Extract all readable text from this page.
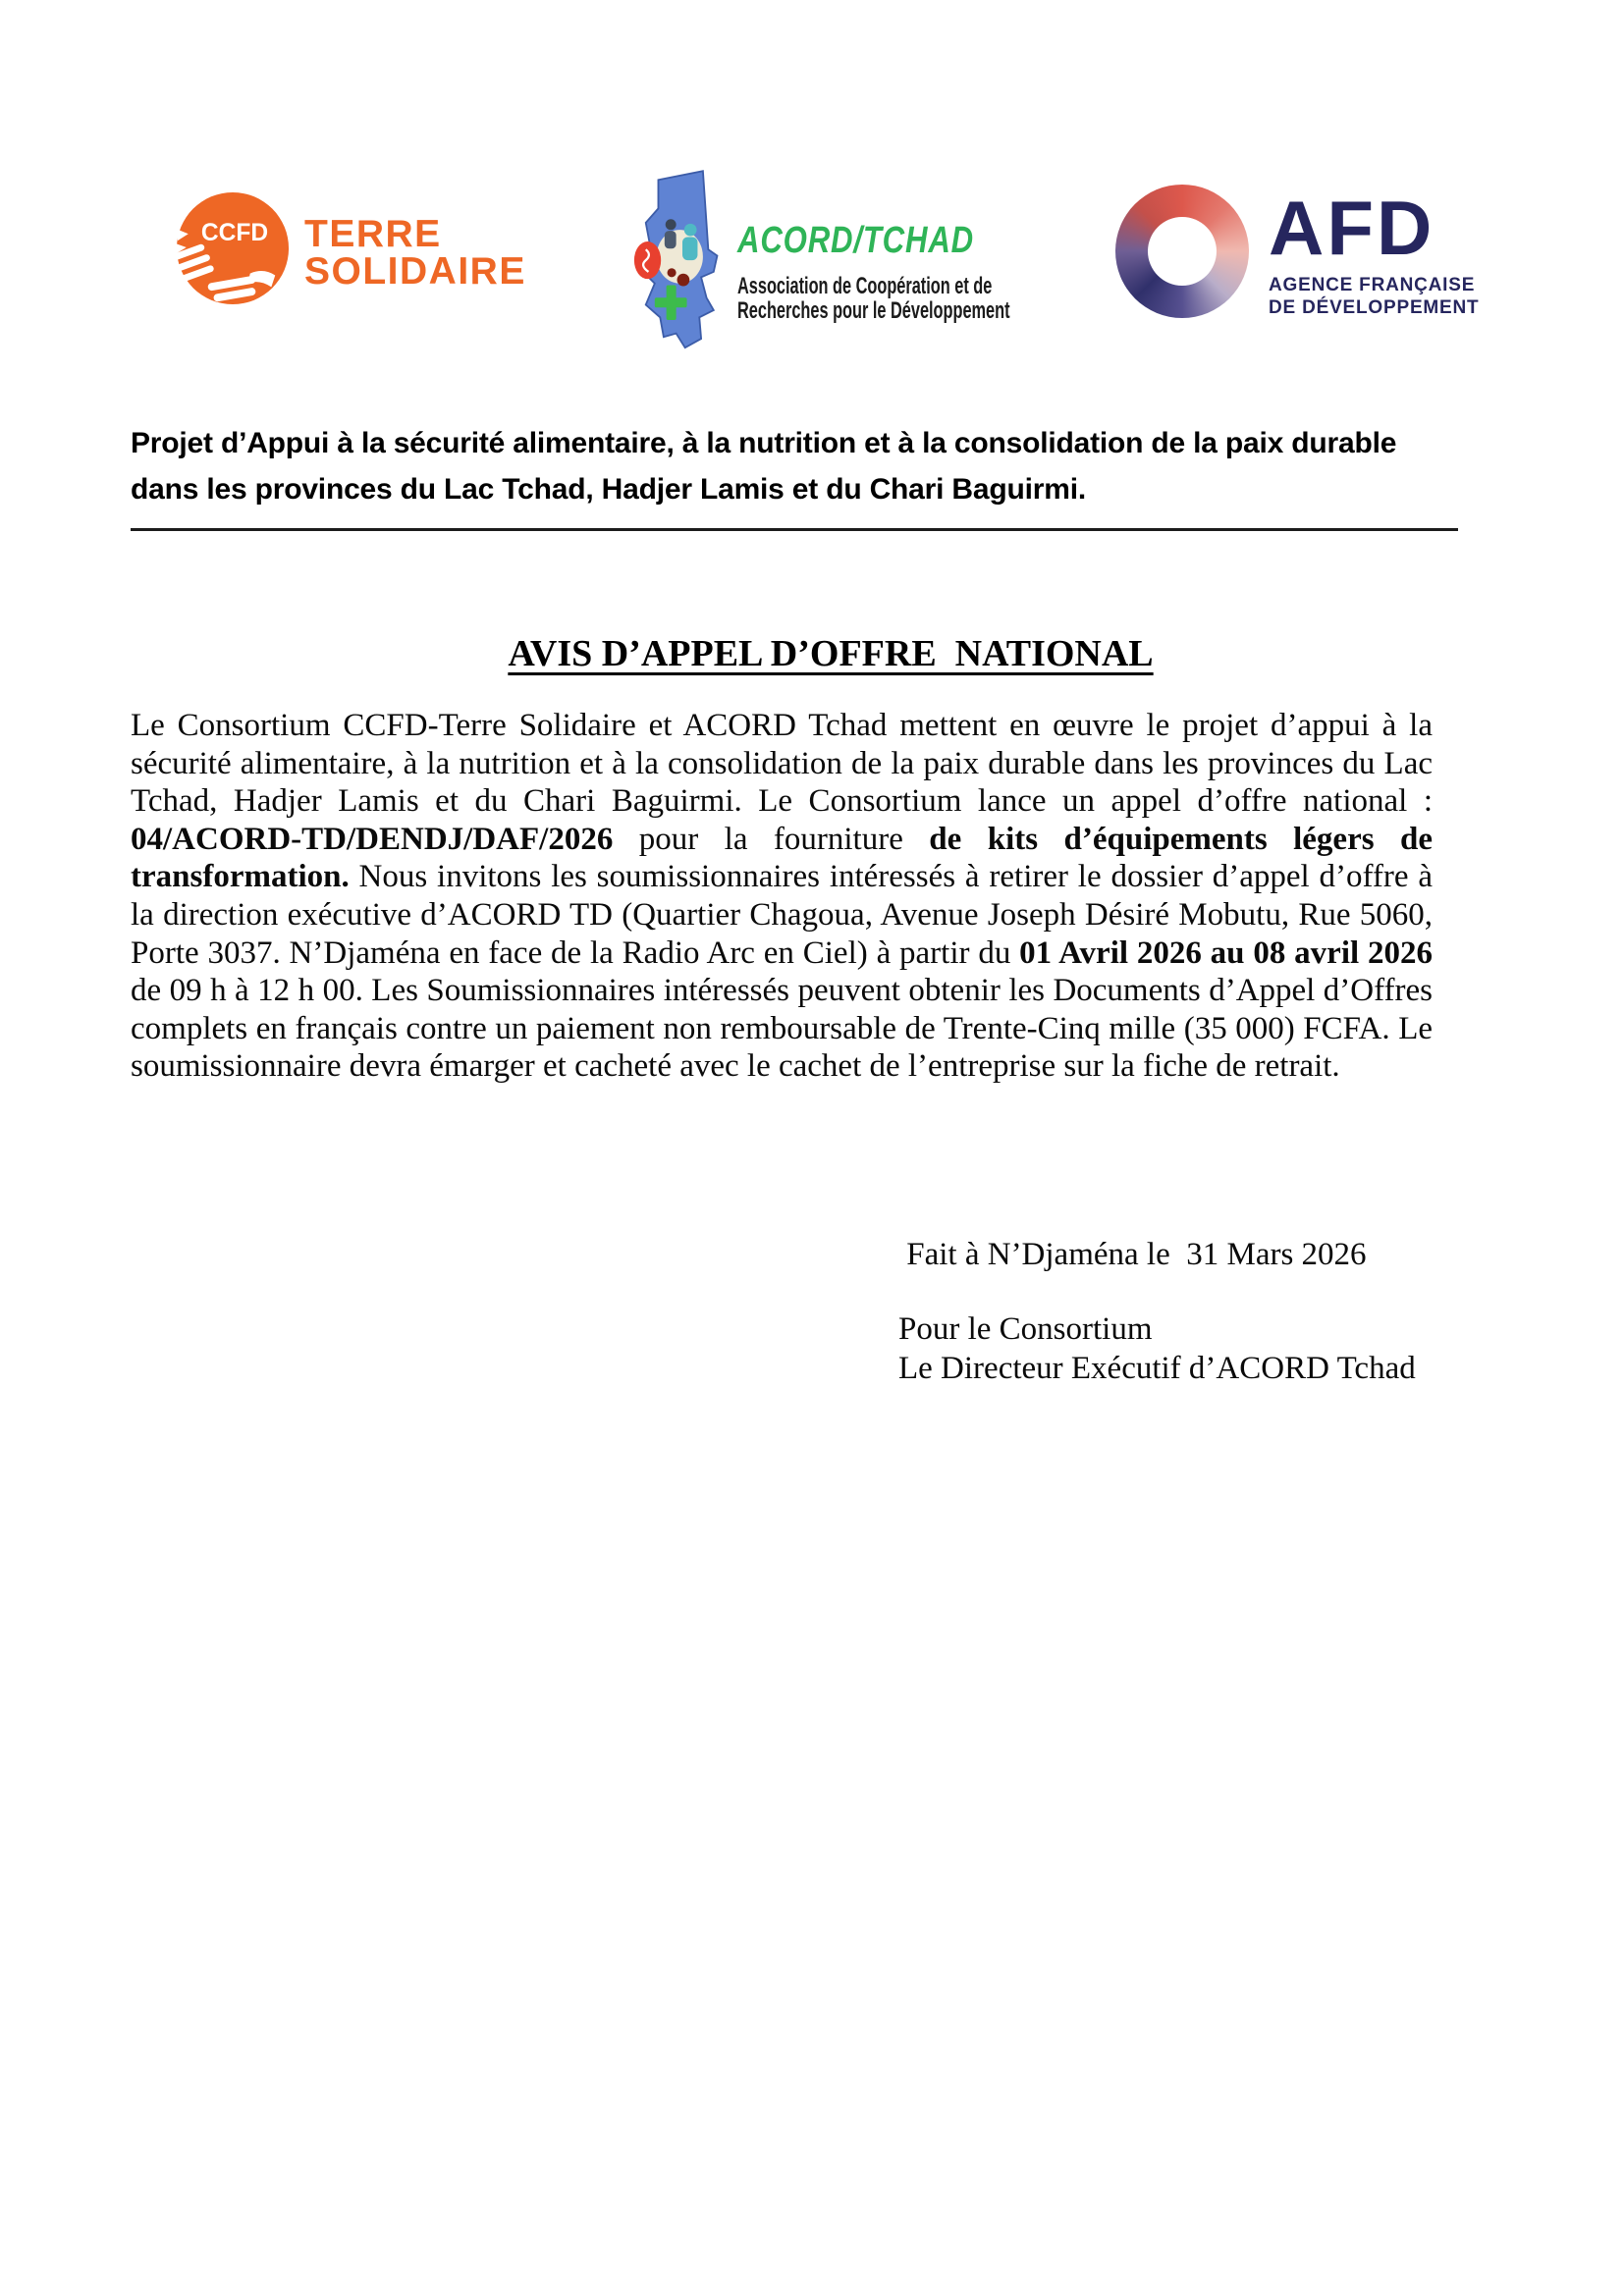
CCFD TERRE
SOLIDAIRE
ACORD/TCHAD
Association de Coopération et de
Recherches pour le Développement
AFD
AGENCE FRANÇAISE
DE DÉVELOPPEMENT
Projet d’Appui à la sécurité alimentaire, à la nutrition et à la consolidation de la paix durable
dans les provinces du Lac Tchad, Hadjer Lamis et du Chari Baguirmi.

AVIS D’APPEL D’OFFRE  NATIONAL

Le Consortium CCFD-Terre Solidaire et ACORD Tchad mettent en œuvre le projet d’appui à la sécurité alimentaire, à la nutrition et à la consolidation de la paix durable dans les provinces du Lac Tchad, Hadjer Lamis et du Chari Baguirmi. Le Consortium lance un appel d’offre national : 04/ACORD-TD/DENDJ/DAF/2026 pour la fourniture de kits d’équipements légers de transformation. Nous invitons les soumissionnaires intéressés à retirer le dossier d’appel d’offre à la direction exécutive d’ACORD TD (Quartier Chagoua, Avenue Joseph Désiré Mobutu, Rue 5060, Porte 3037. N’Djaména en face de la Radio Arc en Ciel) à partir du 01 Avril 2026 au 08 avril 2026 de 09 h à 12 h 00. Les Soumissionnaires intéressés peuvent obtenir les Documents d’Appel d’Offres complets en français contre un paiement non remboursable de Trente-Cinq mille (35 000) FCFA. Le soumissionnaire devra émarger et cacheté avec le cachet de l’entreprise sur la fiche de retrait.

Fait à N’Djaména le  31 Mars 2026
Pour le Consortium
Le Directeur Exécutif d’ACORD Tchad
